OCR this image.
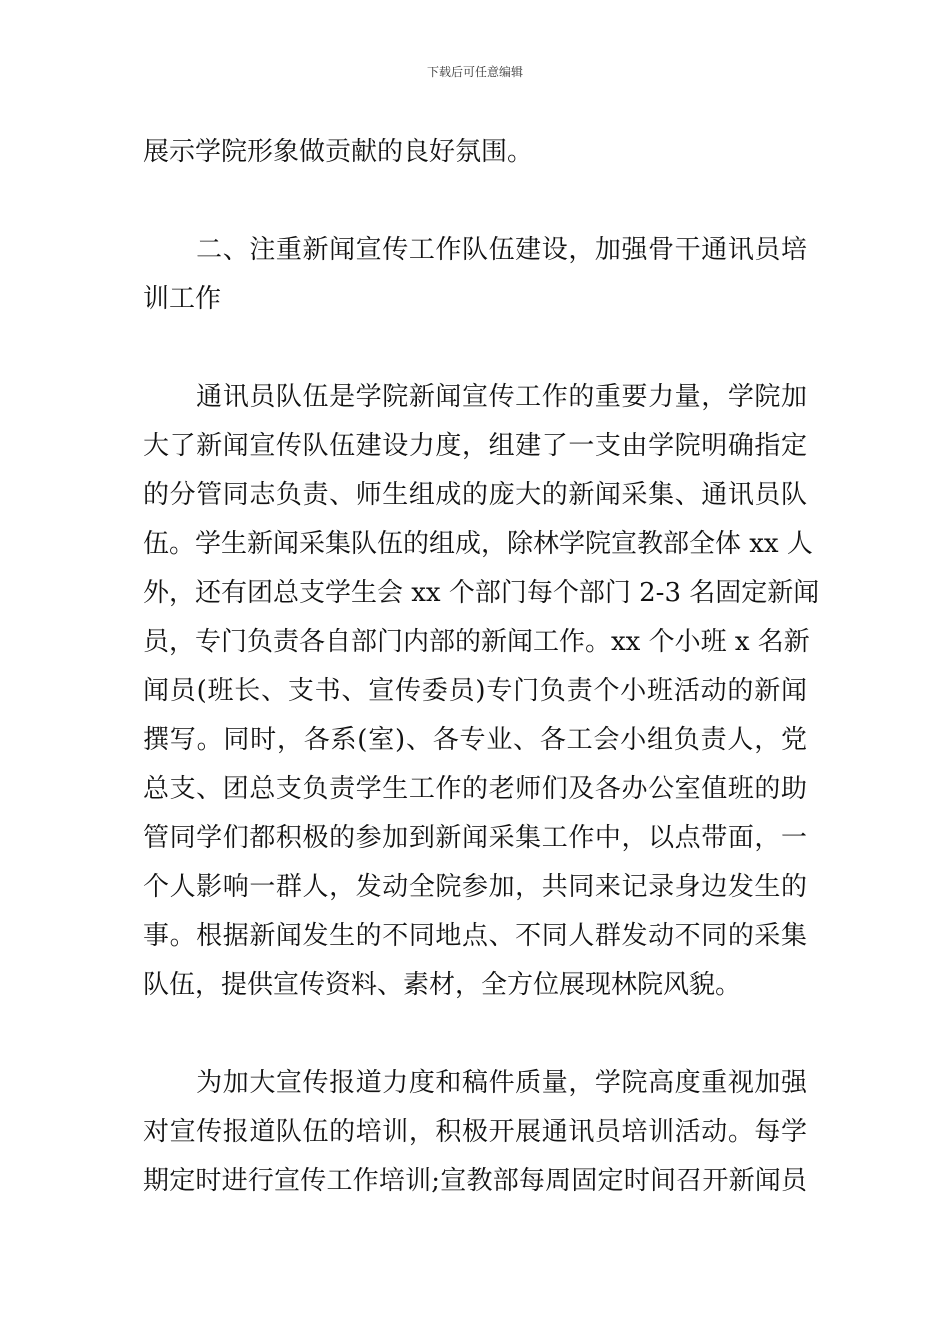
下载后可任意编辑
展示学院形象做贡献的良好氛围。
　　二、注重新闻宣传工作队伍建设，加强骨干通讯员培
训工作
　　通讯员队伍是学院新闻宣传工作的重要力量，学院加
大了新闻宣传队伍建设力度，组建了一支由学院明确指定
的分管同志负责、师生组成的庞大的新闻采集、通讯员队
伍。学生新闻采集队伍的组成，除林学院宣教部全体 xx 人
外，还有团总支学生会 xx 个部门每个部门 2-3 名固定新闻
员，专门负责各自部门内部的新闻工作。xx 个小班 x 名新
闻员(班长、支书、宣传委员)专门负责个小班活动的新闻
撰写。同时，各系(室)、各专业、各工会小组负责人，党
总支、团总支负责学生工作的老师们及各办公室值班的助
管同学们都积极的参加到新闻采集工作中，以点带面，一
个人影响一群人，发动全院参加，共同来记录身边发生的
事。根据新闻发生的不同地点、不同人群发动不同的采集
队伍，提供宣传资料、素材，全方位展现林院风貌。
　　为加大宣传报道力度和稿件质量，学院高度重视加强
对宣传报道队伍的培训，积极开展通讯员培训活动。每学
期定时进行宣传工作培训;宣教部每周固定时间召开新闻员
